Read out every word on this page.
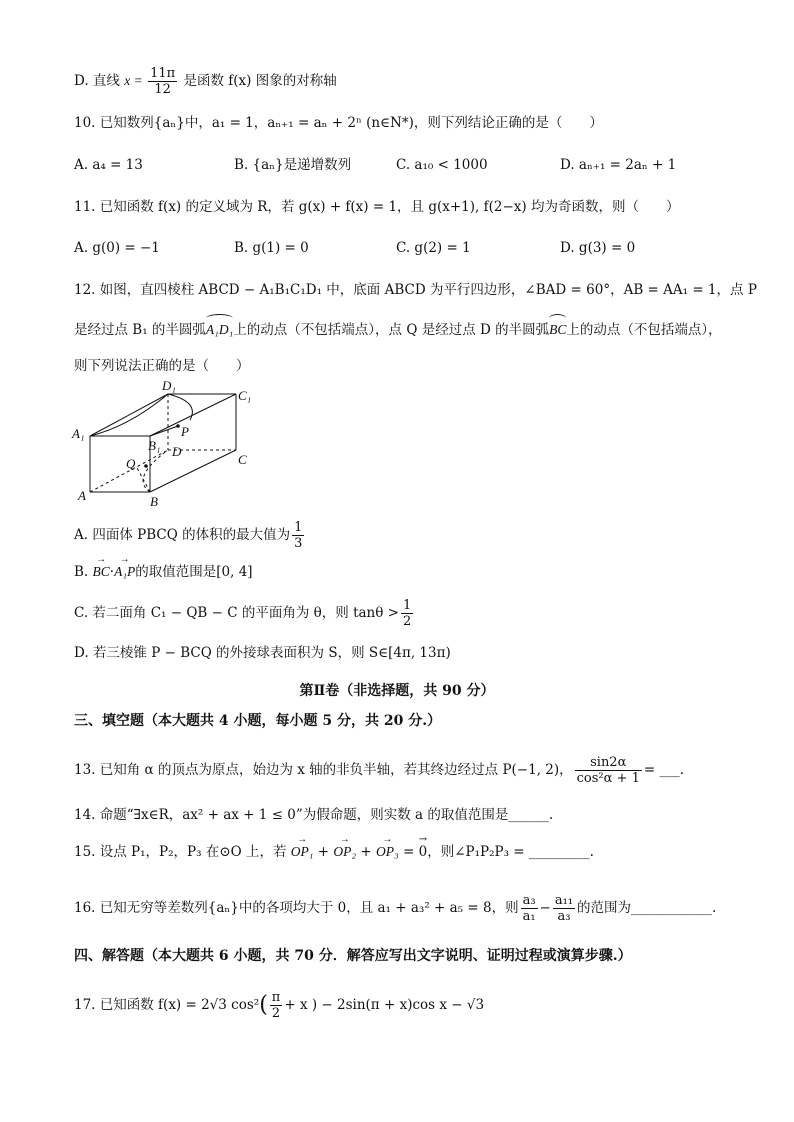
D. 直线 $x = \frac{11\pi}{12}$ 是函数 f(x) 图象的对称轴
10. 已知数列{aₙ}中，a₁ = 1，aₙ₊₁ = aₙ + 2ⁿ (n∈N*)，则下列结论正确的是（　　）
A. a₄ = 13	B. {aₙ}是递增数列	C. a₁₀ < 1000	D. aₙ₊₁ = 2aₙ + 1
11. 已知函数 f(x) 的定义域为 R，若 g(x) + f(x) = 1，且 g(x+1), f(2−x) 均为奇函数，则（　　）
A. g(0) = −1	B. g(1) = 0	C. g(2) = 1	D. g(3) = 0
12. 如图，直四棱柱 ABCD − A₁B₁C₁D₁ 中，底面 ABCD 为平行四边形，∠BAD = 60°，AB = AA₁ = 1，点 P
是经过点 B₁ 的半圆弧A₁D₁上的动点（不包括端点），点 Q 是经过点 D 的半圆弧BC上的动点（不包括端点），
则下列说法正确的是（　　）
D₁
C₁
A₁
B₁
P
D
C
Q
A	B
A. 四面体 PBCQ 的体积的最大值为 $\frac{1}{3}$
B. → BC·→ A₁P的取值范围是[0, 4]
C. 若二面角 C₁ − QB − C 的平面角为 θ，则 $\tan\theta > \frac{1}{2}$
D. 若三棱锥 P − BCQ 的外接球表面积为 S，则 S∈[4π, 13π)
第Ⅱ卷（非选择题，共 90 分）
三、填空题（本大题共 4 小题，每小题 5 分，共 20 分.）
13. 已知角 α 的顶点为原点，始边为 x 轴的非负半轴，若其终边经过点 P(−1, 2)， $\frac{\sin 2\alpha}{\text{cos²α + 1}}$ = ___.
14. 命题“∃x∈R，ax² + ax + 1 ≤ 0”为假命题，则实数 a 的取值范围是______.
15. 设点 P₁，P₂，P₃ 在⊙O 上，若 → OP₁ + → OP₂ + → OP₃ = → 0，则∠P₁P₂P₃ = _________.
16. 已知无穷等差数列{aₙ}中的各项均大于 0，且 a₁ + a₃² + a₅ = 8，则 $\frac{\text{a₃}}{\text{a₁}} - \frac{\text{a₁₁}}{\text{a₃}}$ 的范围为____________.
四、解答题（本大题共 6 小题，共 70 分．解答应写出文字说明、证明过程或演算步骤.）
17. 已知函数 f(x) = 2√3 $\cos^2( \frac{\pi}{2} + x$ ) − 2sin(π + x)cos x − √3
